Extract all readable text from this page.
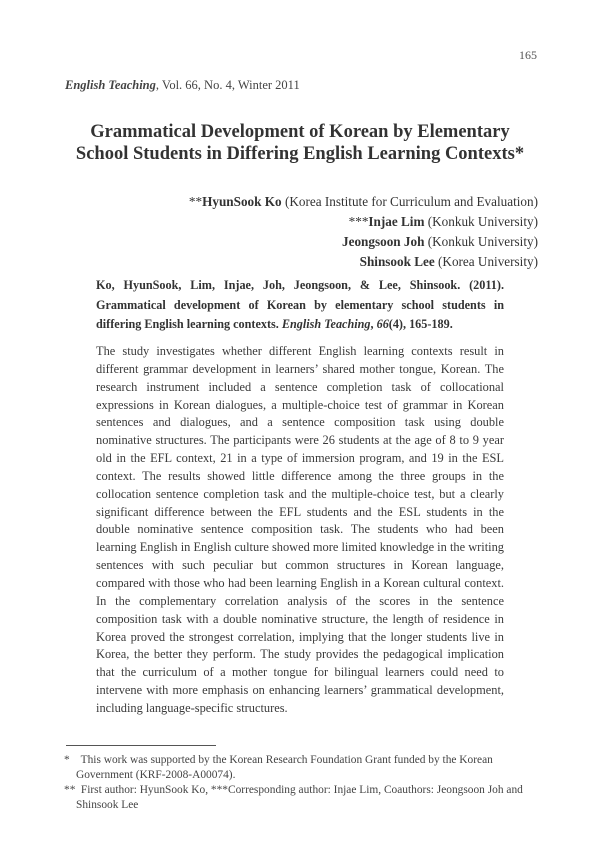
165
English Teaching, Vol. 66, No. 4, Winter 2011
Grammatical Development of Korean by Elementary
School Students in Differing English Learning Contexts*
**HyunSook Ko (Korea Institute for Curriculum and Evaluation)
***Injae Lim (Konkuk University)
Jeongsoon Joh (Konkuk University)
Shinsook Lee (Korea University)
Ko, HyunSook, Lim, Injae, Joh, Jeongsoon, & Lee, Shinsook. (2011).
Grammatical development of Korean by elementary school students in
differing English learning contexts. English Teaching, 66(4), 165-189.
The study investigates whether different English learning contexts result in different grammar development in learners’ shared mother tongue, Korean. The research instrument included a sentence completion task of collocational expressions in Korean dialogues, a multiple-choice test of grammar in Korean sentences and dialogues, and a sentence composition task using double nominative structures. The participants were 26 students at the age of 8 to 9 year old in the EFL context, 21 in a type of immersion program, and 19 in the ESL context. The results showed little difference among the three groups in the collocation sentence completion task and the multiple-choice test, but a clearly significant difference between the EFL students and the ESL students in the double nominative sentence composition task. The students who had been learning English in English culture showed more limited knowledge in the writing sentences with such peculiar but common structures in Korean language, compared with those who had been learning English in a Korean cultural context. In the complementary correlation analysis of the scores in the sentence composition task with a double nominative structure, the length of residence in Korea proved the strongest correlation, implying that the longer students live in Korea, the better they perform. The study provides the pedagogical implication that the curriculum of a mother tongue for bilingual learners could need to intervene with more emphasis on enhancing learners’ grammatical development, including language-specific structures.
* This work was supported by the Korean Research Foundation Grant funded by the Korean Government (KRF-2008-A00074).
** First author: HyunSook Ko, ***Corresponding author: Injae Lim, Coauthors: Jeongsoon Joh and Shinsook Lee
